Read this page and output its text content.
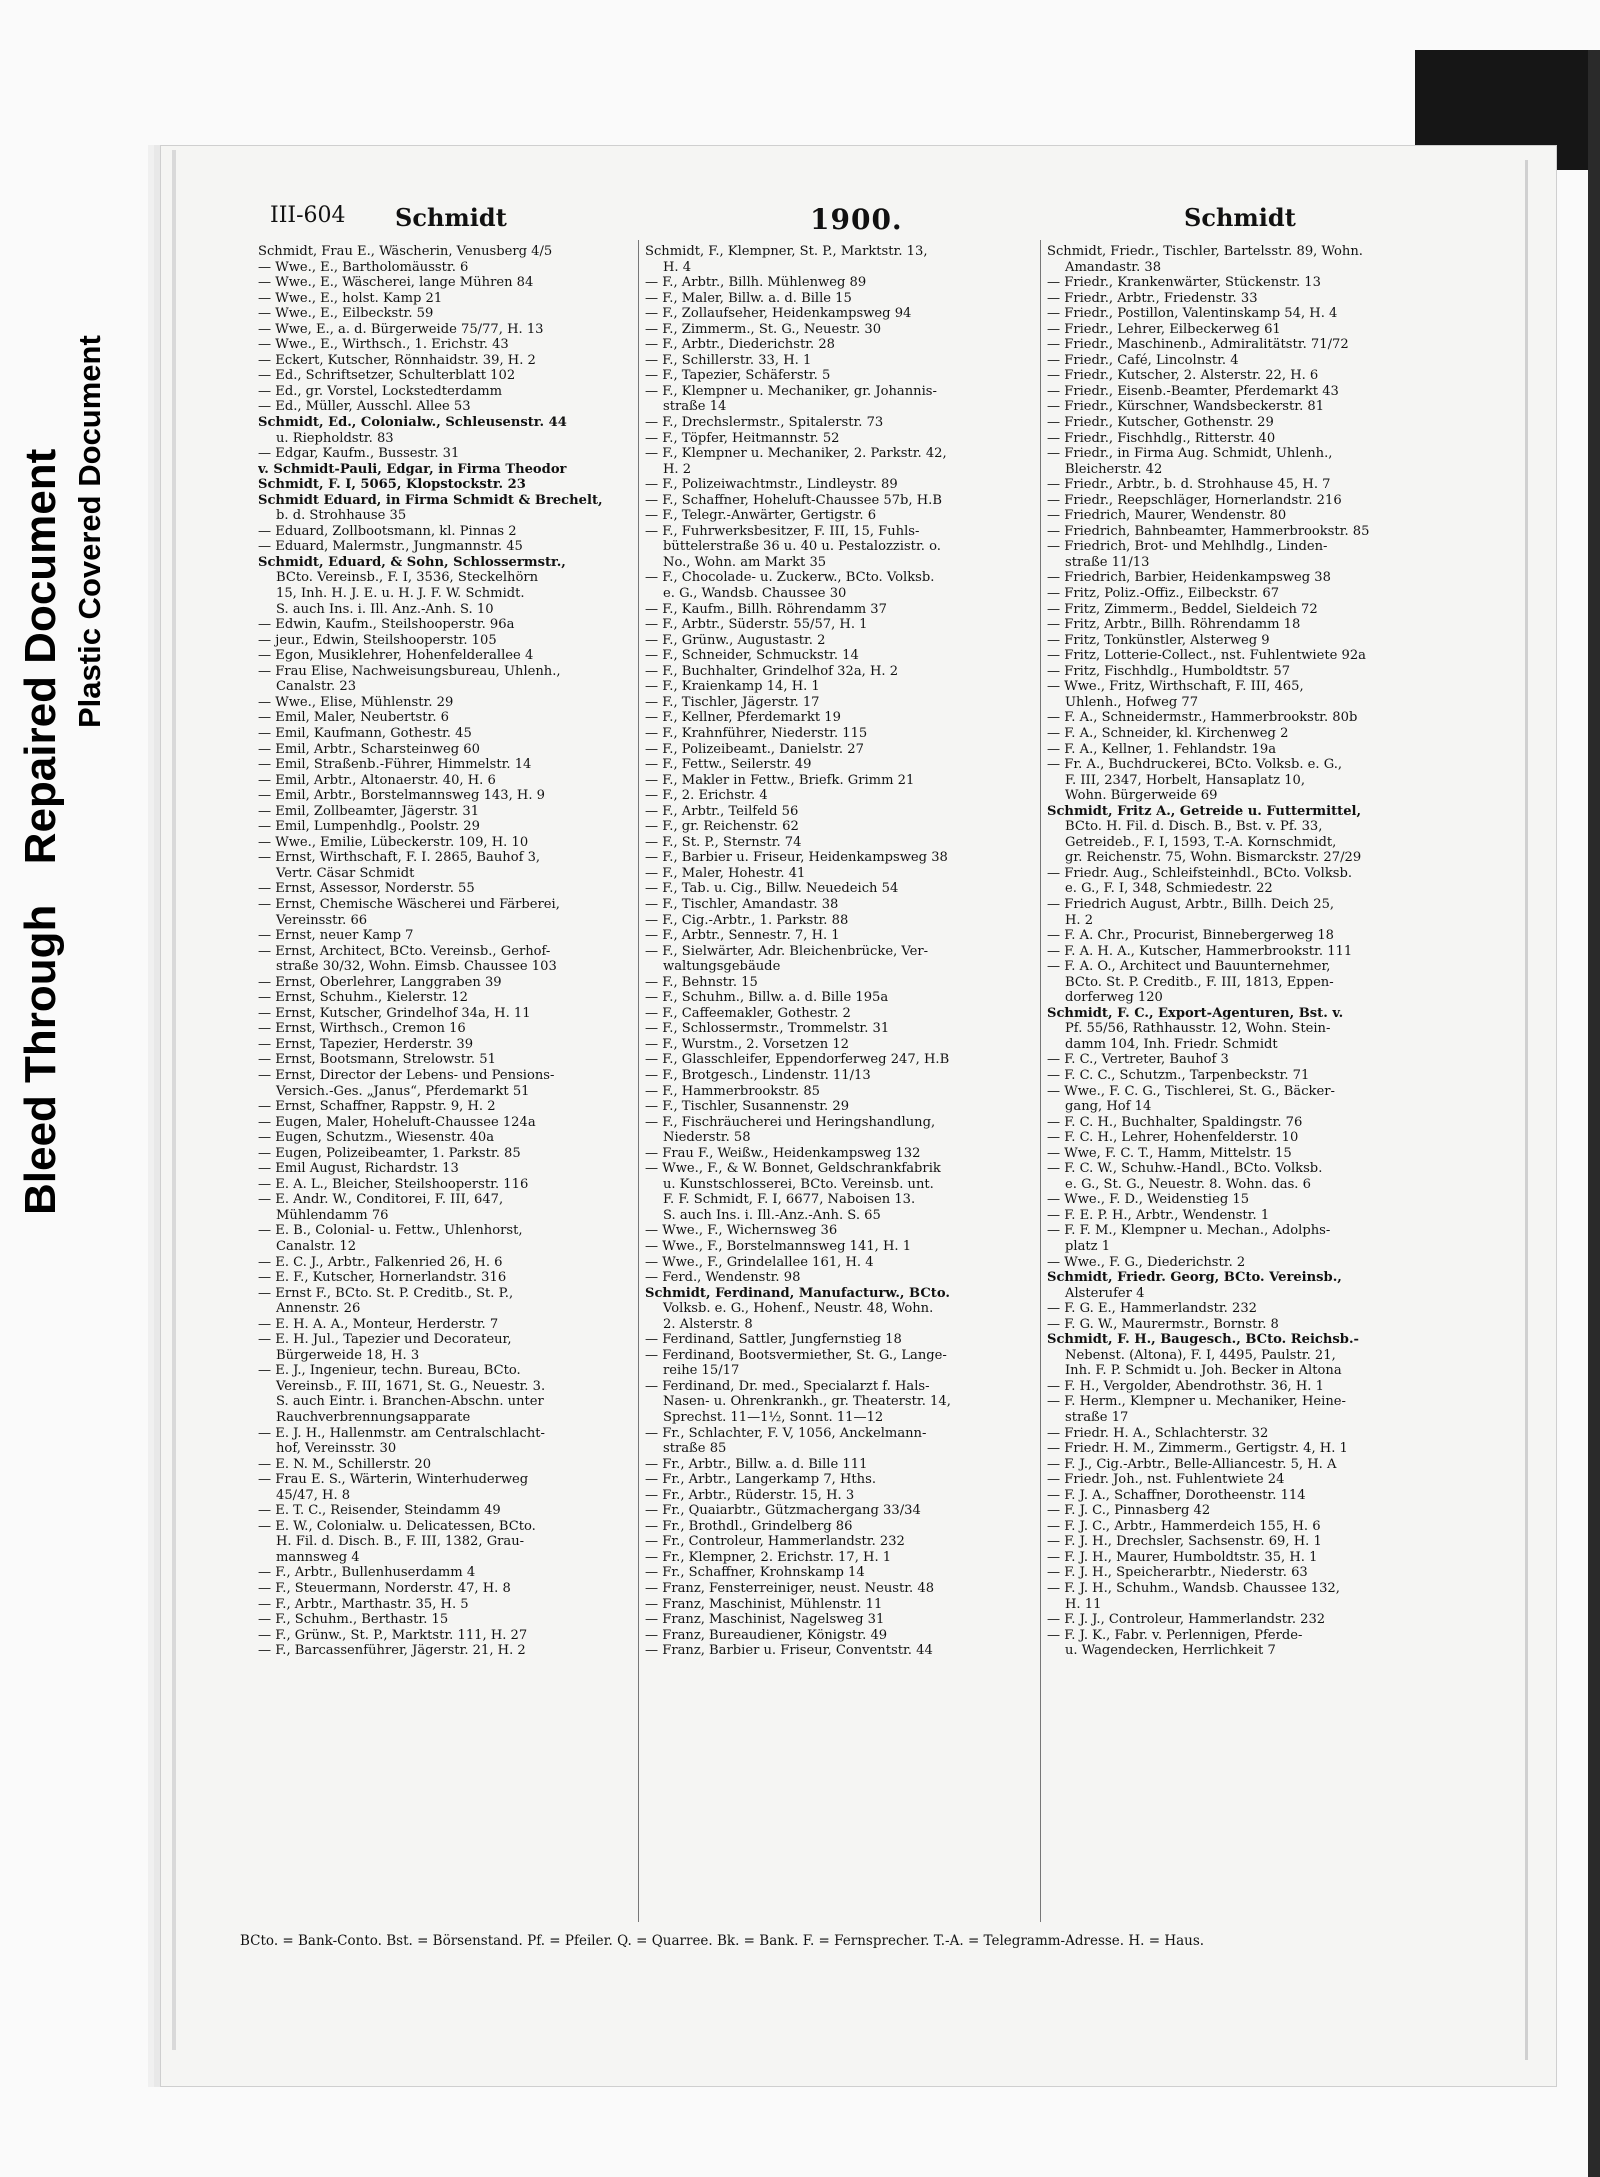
Bleed Through Repaired Document Plastic Covered Document
III-604 Schmidt	1900.	Schmidt
Schmidt, Frau E., Wäscherin, Venusberg 4/5
— Wwe., E., Bartholomäusstr. 6
— Wwe., E., Wäscherei, lange Mühren 84
— Wwe., E., holst. Kamp 21
— Wwe., E., Eilbeckstr. 59
— Wwe, E., a. d. Bürgerweide 75/77, H. 13
— Wwe., E., Wirthsch., 1. Erichstr. 43
— Eckert, Kutscher, Rönnhaidstr. 39, H. 2
— Ed., Schriftsetzer, Schulterblatt 102
— Ed., gr. Vorstel, Lockstedterdamm
— Ed., Müller, Ausschl. Allee 53
Schmidt, Ed., Colonialw., Schleusenstr. 44
u. Riepholdstr. 83
— Edgar, Kaufm., Bussestr. 31
v. Schmidt-Pauli, Edgar, in Firma Theodor
Schmidt, F. I, 5065, Klopstockstr. 23
Schmidt Eduard, in Firma Schmidt & Brechelt,
b. d. Strohhause 35
— Eduard, Zollbootsmann, kl. Pinnas 2
— Eduard, Malermstr., Jungmannstr. 45
Schmidt, Eduard, & Sohn, Schlossermstr.,
BCto. Vereinsb., F. I, 3536, Steckelhörn
15, Inh. H. J. E. u. H. J. F. W. Schmidt.
S. auch Ins. i. Ill. Anz.-Anh. S. 10
— Edwin, Kaufm., Steilshooperstr. 96a
— jeur., Edwin, Steilshooperstr. 105
— Egon, Musiklehrer, Hohenfelderallee 4
— Frau Elise, Nachweisungsbureau, Uhlenh.,
Canalstr. 23
— Wwe., Elise, Mühlenstr. 29
— Emil, Maler, Neubertstr. 6
— Emil, Kaufmann, Gothestr. 45
— Emil, Arbtr., Scharsteinweg 60
— Emil, Straßenb.-Führer, Himmelstr. 14
— Emil, Arbtr., Altonaerstr. 40, H. 6
— Emil, Arbtr., Borstelmannsweg 143, H. 9
— Emil, Zollbeamter, Jägerstr. 31
— Emil, Lumpenhdlg., Poolstr. 29
— Wwe., Emilie, Lübeckerstr. 109, H. 10
— Ernst, Wirthschaft, F. I. 2865, Bauhof 3,
Vertr. Cäsar Schmidt
— Ernst, Assessor, Norderstr. 55
— Ernst, Chemische Wäscherei und Färberei,
Vereinsstr. 66
— Ernst, neuer Kamp 7
— Ernst, Architect, BCto. Vereinsb., Gerhof-
straße 30/32, Wohn. Eimsb. Chaussee 103
— Ernst, Oberlehrer, Langgraben 39
— Ernst, Schuhm., Kielerstr. 12
— Ernst, Kutscher, Grindelhof 34a, H. 11
— Ernst, Wirthsch., Cremon 16
— Ernst, Tapezier, Herderstr. 39
— Ernst, Bootsmann, Strelowstr. 51
— Ernst, Director der Lebens- und Pensions-
Versich.-Ges. „Janus“, Pferdemarkt 51
— Ernst, Schaffner, Rappstr. 9, H. 2
— Eugen, Maler, Hoheluft-Chaussee 124a
— Eugen, Schutzm., Wiesenstr. 40a
— Eugen, Polizeibeamter, 1. Parkstr. 85
— Emil August, Richardstr. 13
— E. A. L., Bleicher, Steilshooperstr. 116
— E. Andr. W., Conditorei, F. III, 647,
Mühlendamm 76
— E. B., Colonial- u. Fettw., Uhlenhorst,
Canalstr. 12
— E. C. J., Arbtr., Falkenried 26, H. 6
— E. F., Kutscher, Hornerlandstr. 316
— Ernst F., BCto. St. P. Creditb., St. P.,
Annenstr. 26
— E. H. A. A., Monteur, Herderstr. 7
— E. H. Jul., Tapezier und Decorateur,
Bürgerweide 18, H. 3
— E. J., Ingenieur, techn. Bureau, BCto.
Vereinsb., F. III, 1671, St. G., Neuestr. 3.
S. auch Eintr. i. Branchen-Abschn. unter
Rauchverbrennungsapparate
— E. J. H., Hallenmstr. am Centralschlacht-
hof, Vereinsstr. 30
— E. N. M., Schillerstr. 20
— Frau E. S., Wärterin, Winterhuderweg
45/47, H. 8
— E. T. C., Reisender, Steindamm 49
— E. W., Colonialw. u. Delicatessen, BCto.
H. Fil. d. Disch. B., F. III, 1382, Grau-
mannsweg 4
— F., Arbtr., Bullenhuserdamm 4
— F., Steuermann, Norderstr. 47, H. 8
— F., Arbtr., Marthastr. 35, H. 5
— F., Schuhm., Berthastr. 15
— F., Grünw., St. P., Marktstr. 111, H. 27
— F., Barcassenführer, Jägerstr. 21, H. 2
Schmidt, F., Klempner, St. P., Marktstr. 13,
H. 4
— F., Arbtr., Billh. Mühlenweg 89
— F., Maler, Billw. a. d. Bille 15
— F., Zollaufseher, Heidenkampsweg 94
— F., Zimmerm., St. G., Neuestr. 30
— F., Arbtr., Diederichstr. 28
— F., Schillerstr. 33, H. 1
— F., Tapezier, Schäferstr. 5
— F., Klempner u. Mechaniker, gr. Johannis-
straße 14
— F., Drechslermstr., Spitalerstr. 73
— F., Töpfer, Heitmannstr. 52
— F., Klempner u. Mechaniker, 2. Parkstr. 42,
H. 2
— F., Polizeiwachtmstr., Lindleystr. 89
— F., Schaffner, Hoheluft-Chaussee 57b, H.B
— F., Telegr.-Anwärter, Gertigstr. 6
— F., Fuhrwerksbesitzer, F. III, 15, Fuhls-
büttelerstraße 36 u. 40 u. Pestalozzistr. o.
No., Wohn. am Markt 35
— F., Chocolade- u. Zuckerw., BCto. Volksb.
e. G., Wandsb. Chaussee 30
— F., Kaufm., Billh. Röhrendamm 37
— F., Arbtr., Süderstr. 55/57, H. 1
— F., Grünw., Augustastr. 2
— F., Schneider, Schmuckstr. 14
— F., Buchhalter, Grindelhof 32a, H. 2
— F., Kraienkamp 14, H. 1
— F., Tischler, Jägerstr. 17
— F., Kellner, Pferdemarkt 19
— F., Krahnführer, Niederstr. 115
— F., Polizeibeamt., Danielstr. 27
— F., Fettw., Seilerstr. 49
— F., Makler in Fettw., Briefk. Grimm 21
— F., 2. Erichstr. 4
— F., Arbtr., Teilfeld 56
— F., gr. Reichenstr. 62
— F., St. P., Sternstr. 74
— F., Barbier u. Friseur, Heidenkampsweg 38
— F., Maler, Hohestr. 41
— F., Tab. u. Cig., Billw. Neuedeich 54
— F., Tischler, Amandastr. 38
— F., Cig.-Arbtr., 1. Parkstr. 88
— F., Arbtr., Sennestr. 7, H. 1
— F., Sielwärter, Adr. Bleichenbrücke, Ver-
waltungsgebäude
— F., Behnstr. 15
— F., Schuhm., Billw. a. d. Bille 195a
— F., Caffeemakler, Gothestr. 2
— F., Schlossermstr., Trommelstr. 31
— F., Wurstm., 2. Vorsetzen 12
— F., Glasschleifer, Eppendorferweg 247, H.B
— F., Brotgesch., Lindenstr. 11/13
— F., Hammerbrookstr. 85
— F., Tischler, Susannenstr. 29
— F., Fischräucherei und Heringshandlung,
Niederstr. 58
— Frau F., Weißw., Heidenkampsweg 132
— Wwe., F., & W. Bonnet, Geldschrankfabrik
u. Kunstschlosserei, BCto. Vereinsb. unt.
F. F. Schmidt, F. I, 6677, Naboisen 13.
S. auch Ins. i. Ill.-Anz.-Anh. S. 65
— Wwe., F., Wichernsweg 36
— Wwe., F., Borstelmannsweg 141, H. 1
— Wwe., F., Grindelallee 161, H. 4
— Ferd., Wendenstr. 98
Schmidt, Ferdinand, Manufacturw., BCto.
Volksb. e. G., Hohenf., Neustr. 48, Wohn.
2. Alsterstr. 8
— Ferdinand, Sattler, Jungfernstieg 18
— Ferdinand, Bootsvermiether, St. G., Lange-
reihe 15/17
— Ferdinand, Dr. med., Specialarzt f. Hals-
Nasen- u. Ohrenkrankh., gr. Theaterstr. 14,
Sprechst. 11—1½, Sonnt. 11—12
— Fr., Schlachter, F. V, 1056, Anckelmann-
straße 85
— Fr., Arbtr., Billw. a. d. Bille 111
— Fr., Arbtr., Langerkamp 7, Hths.
— Fr., Arbtr., Rüderstr. 15, H. 3
— Fr., Quaiarbtr., Gützmachergang 33/34
— Fr., Brothdl., Grindelberg 86
— Fr., Controleur, Hammerlandstr. 232
— Fr., Klempner, 2. Erichstr. 17, H. 1
— Fr., Schaffner, Krohnskamp 14
— Franz, Fensterreiniger, neust. Neustr. 48
— Franz, Maschinist, Mühlenstr. 11
— Franz, Maschinist, Nagelsweg 31
— Franz, Bureaudiener, Königstr. 49
— Franz, Barbier u. Friseur, Conventstr. 44
Schmidt, Friedr., Tischler, Bartelsstr. 89, Wohn.
Amandastr. 38
— Friedr., Krankenwärter, Stückenstr. 13
— Friedr., Arbtr., Friedenstr. 33
— Friedr., Postillon, Valentinskamp 54, H. 4
— Friedr., Lehrer, Eilbeckerweg 61
— Friedr., Maschinenb., Admiralitätstr. 71/72
— Friedr., Café, Lincolnstr. 4
— Friedr., Kutscher, 2. Alsterstr. 22, H. 6
— Friedr., Eisenb.-Beamter, Pferdemarkt 43
— Friedr., Kürschner, Wandsbeckerstr. 81
— Friedr., Kutscher, Gothenstr. 29
— Friedr., Fischhdlg., Ritterstr. 40
— Friedr., in Firma Aug. Schmidt, Uhlenh.,
Bleicherstr. 42
— Friedr., Arbtr., b. d. Strohhause 45, H. 7
— Friedr., Reepschläger, Hornerlandstr. 216
— Friedrich, Maurer, Wendenstr. 80
— Friedrich, Bahnbeamter, Hammerbrookstr. 85
— Friedrich, Brot- und Mehlhdlg., Linden-
straße 11/13
— Friedrich, Barbier, Heidenkampsweg 38
— Fritz, Poliz.-Offiz., Eilbeckstr. 67
— Fritz, Zimmerm., Beddel, Sieldeich 72
— Fritz, Arbtr., Billh. Röhrendamm 18
— Fritz, Tonkünstler, Alsterweg 9
— Fritz, Lotterie-Collect., nst. Fuhlentwiete 92a
— Fritz, Fischhdlg., Humboldtstr. 57
— Wwe., Fritz, Wirthschaft, F. III, 465,
Uhlenh., Hofweg 77
— F. A., Schneidermstr., Hammerbrookstr. 80b
— F. A., Schneider, kl. Kirchenweg 2
— F. A., Kellner, 1. Fehlandstr. 19a
— Fr. A., Buchdruckerei, BCto. Volksb. e. G.,
F. III, 2347, Horbelt, Hansaplatz 10,
Wohn. Bürgerweide 69
Schmidt, Fritz A., Getreide u. Futtermittel,
BCto. H. Fil. d. Disch. B., Bst. v. Pf. 33,
Getreideb., F. I, 1593, T.-A. Kornschmidt,
gr. Reichenstr. 75, Wohn. Bismarckstr. 27/29
— Friedr. Aug., Schleifsteinhdl., BCto. Volksb.
e. G., F. I, 348, Schmiedestr. 22
— Friedrich August, Arbtr., Billh. Deich 25,
H. 2
— F. A. Chr., Procurist, Binnebergerweg 18
— F. A. H. A., Kutscher, Hammerbrookstr. 111
— F. A. O., Architect und Bauunternehmer,
BCto. St. P. Creditb., F. III, 1813, Eppen-
dorferweg 120
Schmidt, F. C., Export-Agenturen, Bst. v.
Pf. 55/56, Rathhausstr. 12, Wohn. Stein-
damm 104, Inh. Friedr. Schmidt
— F. C., Vertreter, Bauhof 3
— F. C. C., Schutzm., Tarpenbeckstr. 71
— Wwe., F. C. G., Tischlerei, St. G., Bäcker-
gang, Hof 14
— F. C. H., Buchhalter, Spaldingstr. 76
— F. C. H., Lehrer, Hohenfelderstr. 10
— Wwe, F. C. T., Hamm, Mittelstr. 15
— F. C. W., Schuhw.-Handl., BCto. Volksb.
e. G., St. G., Neuestr. 8. Wohn. das. 6
— Wwe., F. D., Weidenstieg 15
— F. E. P. H., Arbtr., Wendenstr. 1
— F. F. M., Klempner u. Mechan., Adolphs-
platz 1
— Wwe., F. G., Diederichstr. 2
Schmidt, Friedr. Georg, BCto. Vereinsb.,
Alsterufer 4
— F. G. E., Hammerlandstr. 232
— F. G. W., Maurermstr., Bornstr. 8
Schmidt, F. H., Baugesch., BCto. Reichsb.-
Nebenst. (Altona), F. I, 4495, Paulstr. 21,
Inh. F. P. Schmidt u. Joh. Becker in Altona
— F. H., Vergolder, Abendrothstr. 36, H. 1
— F. Herm., Klempner u. Mechaniker, Heine-
straße 17
— Friedr. H. A., Schlachterstr. 32
— Friedr. H. M., Zimmerm., Gertigstr. 4, H. 1
— F. J., Cig.-Arbtr., Belle-Alliancestr. 5, H. A
— Friedr. Joh., nst. Fuhlentwiete 24
— F. J. A., Schaffner, Dorotheenstr. 114
— F. J. C., Pinnasberg 42
— F. J. C., Arbtr., Hammerdeich 155, H. 6
— F. J. H., Drechsler, Sachsenstr. 69, H. 1
— F. J. H., Maurer, Humboldtstr. 35, H. 1
— F. J. H., Speicherarbtr., Niederstr. 63
— F. J. H., Schuhm., Wandsb. Chaussee 132,
H. 11
— F. J. J., Controleur, Hammerlandstr. 232
— F. J. K., Fabr. v. Perlennigen, Pferde-
u. Wagendecken, Herrlichkeit 7
BCto. = Bank-Conto. Bst. = Börsenstand. Pf. = Pfeiler. Q. = Quarree. Bk. = Bank. F. = Fernsprecher. T.-A. = Telegramm-Adresse. H. = Haus.
